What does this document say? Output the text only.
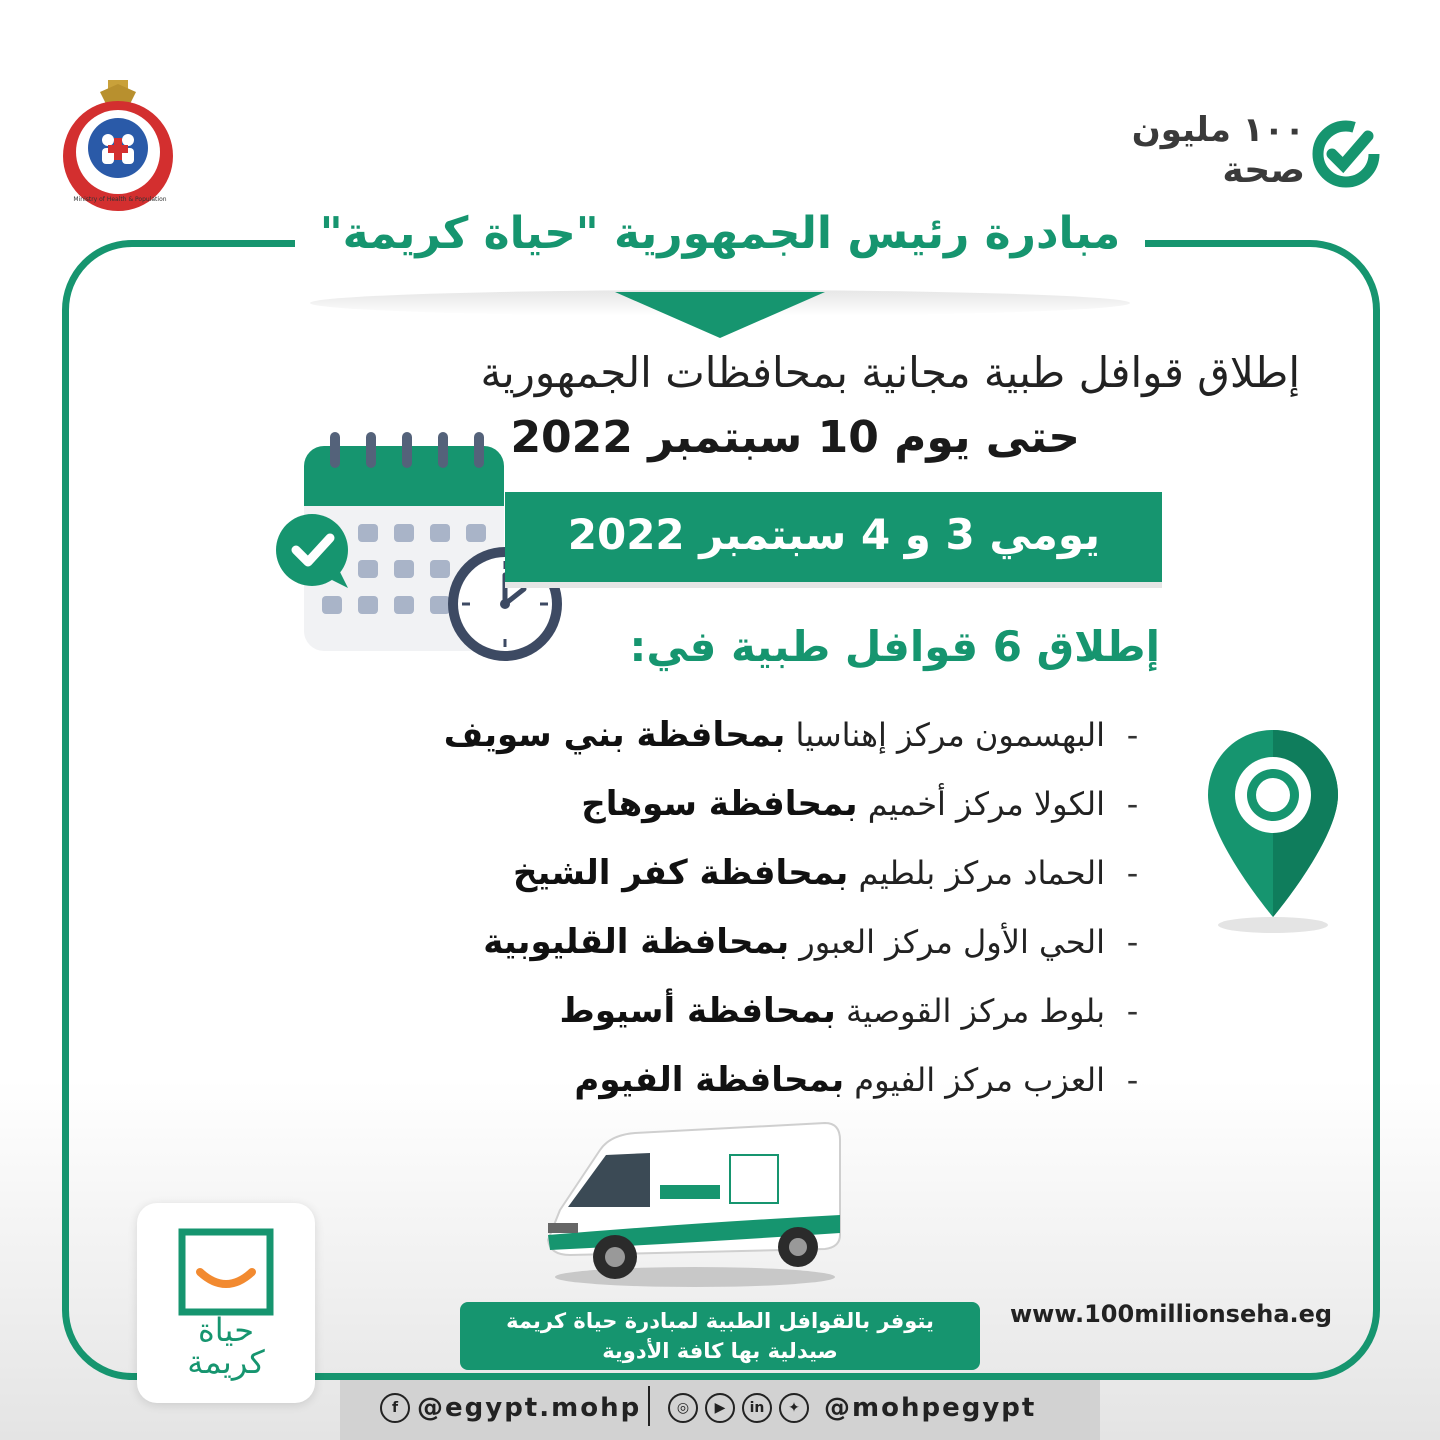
Ministry of Health & Population
١٠٠ مليون
صحة
مبادرة رئيس الجمهورية "حياة كريمة"
إطلاق قوافل طبية مجانية بمحافظات الجمهورية
حتى يوم 10 سبتمبر 2022
يومي 3 و 4 سبتمبر 2022
إطلاق 6 قوافل طبية في:
-
البهسمون مركز إهناسيا

بمحافظة بني سويف
-
الكولا مركز أخميم

بمحافظة سوهاج
-
الحماد مركز بلطيم

بمحافظة كفر الشيخ
-
الحي الأول مركز العبور

بمحافظة القليوبية
-
بلوط مركز القوصية

بمحافظة أسيوط
-
العزب مركز الفيوم

بمحافظة الفيوم
يتوفر بالقوافل الطبية لمبادرة حياة كريمة
صيدلية بها كافة الأدوية
www.100millionseha.eg
حياة
كريمة
f @egypt.mohp	◎	▶	in	✦ @mohpegypt
